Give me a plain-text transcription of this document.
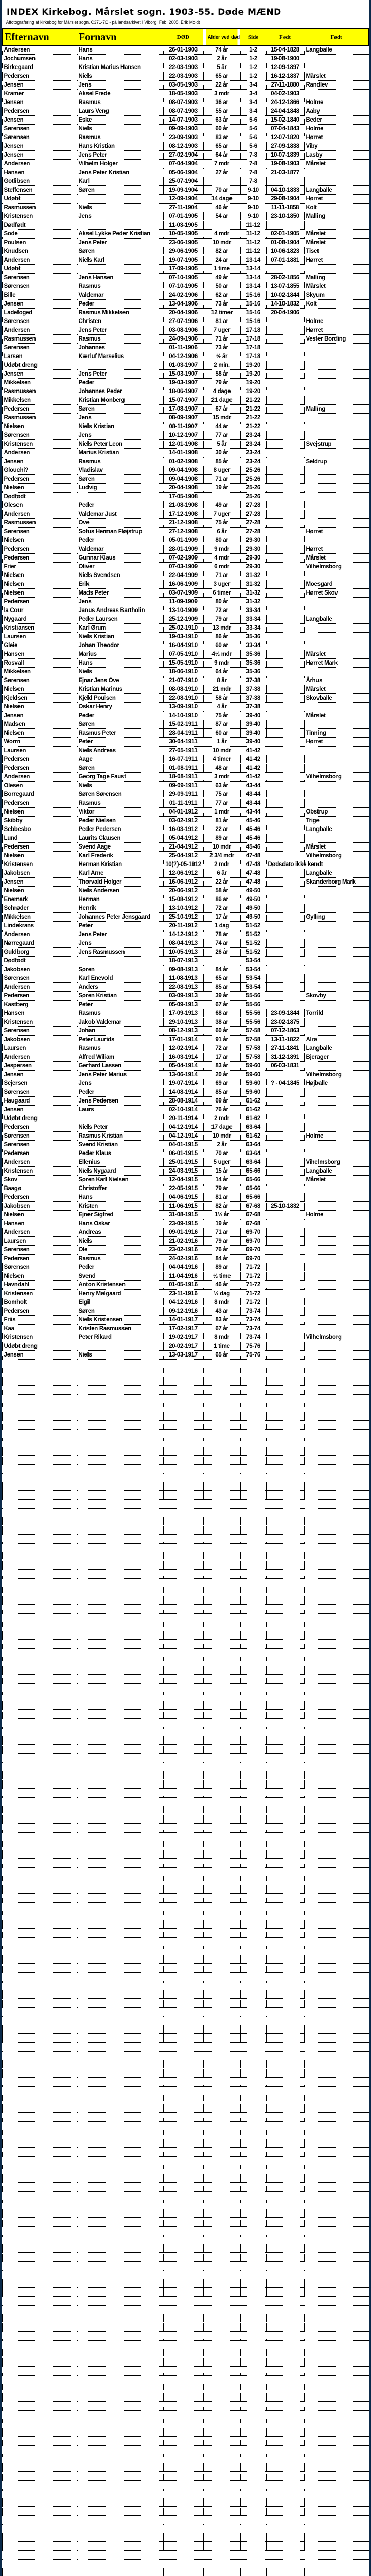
INDEX Kirkebog. Mårslet sogn. 1903-55. Døde MÆND
Affotografering af kirkebog for Mårslet sogn. C371-7C - på landsarkivet i Viborg. Feb. 2008. Erik Moldt
Efternavn	Fornavn	DØD	Alder ved død	Side	Født	Født
Andersen	Hans	26-01-1903	74 år	1-2	15-04-1828	Langballe
Jochumsen	Hans	02-03-1903	2 år	1-2	19-08-1900	
Birkegaard	Kristian Marius Hansen	22-03-1903	5 år	1-2	12-09-1897	
Pedersen	Niels	22-03-1903	65 år	1-2	16-12-1837	Mårslet
Jensen	Jens	03-05-1903	22 år	3-4	27-11-1880	Randlev
Kramer	Aksel Frede	18-05-1903	3 mdr	3-4	04-02-1903	
Jensen	Rasmus	08-07-1903	36 år	3-4	24-12-1866	Holme
Pedersen	Laurs Veng	08-07-1903	55 år	3-4	24-04-1848	Aaby
Jensen	Eske	14-07-1903	63 år	5-6	15-02-1840	Beder
Sørensen	Niels	09-09-1903	60 år	5-6	07-04-1843	Holme
Sørensen	Rasmus	23-09-1903	83 år	5-6	12-07-1820	Hørret
Jensen	Hans Kristian	08-12-1903	65 år	5-6	27-09-1838	Viby
Jensen	Jens Peter	27-02-1904	64 år	7-8	10-07-1839	Lasby
Andersen	Vilhelm Holger	07-04-1904	7 mdr	7-8	19-08-1903	Mårslet
Hansen	Jens Peter Kristian	05-06-1904	27 år	7-8	21-03-1877	
Gotlibsen	Karl	25-07-1904		7-8		
Steffensen	Søren	19-09-1904	70 år	9-10	04-10-1833	Langballe
Udøbt		12-09-1904	14 dage	9-10	29-08-1904	Hørret
Rasmussen	Niels	27-11-1904	46 år	9-10	11-11-1858	Kolt
Kristensen	Jens	07-01-1905	54 år	9-10	23-10-1850	Malling
Dødfødt		11-03-1905		11-12		
Sode	Aksel Lykke Peder Kristian	10-05-1905	4 mdr	11-12	02-01-1905	Mårslet
Poulsen	Jens Peter	23-06-1905	10 mdr	11-12	01-08-1904	Mårslet
Knudsen	Søren	29-06-1905	82 år	11-12	10-06-1823	Tiset
Andersen	Niels Karl	19-07-1905	24 år	13-14	07-01-1881	Hørret
Udøbt		17-09-1905	1 time	13-14		
Sørensen	Jens Hansen	07-10-1905	49 år	13-14	28-02-1856	Malling
Sørensen	Rasmus	07-10-1905	50 år	13-14	13-07-1855	Mårslet
Bille	Valdemar	24-02-1906	62 år	15-16	10-02-1844	Skyum
Jensen	Peder	13-04-1906	73 år	15-16	14-10-1832	Kolt
Ladefoged	Rasmus Mikkelsen	20-04-1906	12 timer	15-16	20-04-1906	
Sørensen	Christen	27-07-1906	81 år	15-16		Holme
Andersen	Jens Peter	03-08-1906	7 uger	17-18		Hørret
Rasmussen	Rasmus	24-09-1906	71 år	17-18		Vester Bording
Sørensen	Johannes	01-11-1906	73 år	17-18		
Larsen	Kærluf Marselius	04-12-1906	½ år	17-18		
Udøbt dreng		01-03-1907	2 min.	19-20		
Jensen	Jens Peter	15-03-1907	58 år	19-20		
Mikkelsen	Peder	19-03-1907	79 år	19-20		
Rasmussen	Johannes Peder	18-06-1907	4 dage	19-20		
Mikkelsen	Kristian Monberg	15-07-1907	21 dage	21-22		
Pedersen	Søren	17-08-1907	67 år	21-22		Malling
Rasmussen	Jens	08-09-1907	15 mdr	21-22		
Nielsen	Niels Kristian	08-11-1907	44 år	21-22		
Sørensen	Jens	10-12-1907	77 år	23-24		
Kristensen	Niels Peter Leon	12-01-1908	5 år	23-24		Svejstrup
Andersen	Marius Kristian	14-01-1908	30 år	23-24		
Jensen	Rasmus	01-02-1908	85 år	23-24		Seldrup
Glouchi?	Vladislav	09-04-1908	8 uger	25-26		
Pedersen	Søren	09-04-1908	71 år	25-26		
Nielsen	Ludvig	20-04-1908	19 år	25-26		
Dødfødt		17-05-1908		25-26		
Olesen	Peder	21-08-1908	49 år	27-28		
Andersen	Valdemar Just	17-12-1908	7 uger	27-28		
Rasmussen	Ove	21-12-1908	75 år	27-28		
Sørensen	Sofus Herman Fløjstrup	27-12-1908	6 år	27-28		Hørret
Nielsen	Peder	05-01-1909	80 år	29-30		
Pedersen	Valdemar	28-01-1909	9 mdr	29-30		Hørret
Pedersen	Gunnar Klaus	07-02-1909	4 mdr	29-30		Mårslet
Frier	Oliver	07-03-1909	6 mdr	29-30		Vilhelmsborg
Nielsen	Niels Svendsen	22-04-1909	71 år	31-32		
Nielsen	Erik	16-06-1909	3 uger	31-32		Moesgård
Nielsen	Mads Peter	03-07-1909	6 timer	31-32		Hørret Skov
Pedersen	Jens	11-09-1909	80 år	31-32		
la Cour	Janus Andreas Bartholin	13-10-1909	72 år	33-34		
Nygaard	Peder Laursen	25-12-1909	79 år	33-34		Langballe
Kristiansen	Karl Ørum	25-02-1910	13 mdr	33-34		
Laursen	Niels Kristian	19-03-1910	86 år	35-36		
Gleie	Johan Theodor	16-04-1910	60 år	33-34		
Hansen	Marius	07-05-1910	4½ mdr	35-36		Mårslet
Rosvall	Hans	15-05-1910	9 mdr	35-36		Hørret Mark
Mikkelsen	Niels	18-06-1910	64 år	35-36		
Sørensen	Ejnar Jens Ove	21-07-1910	8 år	37-38		Århus
Nielsen	Kristian Marinus	08-08-1910	21 mdr	37-38		Mårslet
Kjeldsen	Kjeld Poulsen	22-08-1910	58 år	37-38		Skovballe
Nielsen	Oskar Henry	13-09-1910	4 år	37-38		
Jensen	Peder	14-10-1910	75 år	39-40		Mårslet
Madsen	Søren	15-02-1911	87 år	39-40		
Nielsen	Rasmus Peter	28-04-1911	60 år	39-40		Tinning
Worm	Peter	30-04-1911	1 år	39-40		Hørret
Laursen	Niels Andreas	27-05-1911	10 mdr	41-42		
Pedersen	Aage	16-07-1911	4 timer	41-42		
Pedersen	Søren	01-08-1911	48 år	41-42		
Andersen	Georg Tage Faust	18-08-1911	3 mdr	41-42		Vilhelmsborg
Olesen	Niels	09-09-1911	63 år	43-44		
Borregaard	Søren Sørensen	29-09-1911	75 år	43-44		
Pedersen	Rasmus	01-11-1911	77 år	43-44		
Nielsen	Viktor	04-01-1912	1 mdr	43-44		Obstrup
Skibby	Peder Nielsen	03-02-1912	81 år	45-46		Trige
Sebbesbo	Peder Pedersen	16-03-1912	22 år	45-46		Langballe
Lund	Laurits Clausen	05-04-1912	89 år	45-46		
Pedersen	Svend Aage	21-04-1912	10 mdr	45-46		Mårslet
Nielsen	Karl Frederik	25-04-1912	2 3/4 mdr	47-48		Vilhelmsborg
Kristensen	Herman Kristian	10(?)-05-1912	2 mdr	47-48	Dødsdato ikke kendt	
Jakobsen	Karl Arne	12-06-1912	6 år	47-48		Langballe
Jensen	Thorvald Holger	16-06-1912	22 år	47-48		Skanderborg Mark
Nielsen	Niels Andersen	20-06-1912	58 år	49-50		
Enemark	Herman	15-08-1912	86 år	49-50		
Schrøder	Henrik	13-10-1912	72 år	49-50		
Mikkelsen	Johannes Peter Jensgaard	25-10-1912	17 år	49-50		Gylling
Lindekrans	Peter	20-11-1912	1 dag	51-52		
Andersen	Jens Peter	14-12-1912	78 år	51-52		
Nørregaard	Jens	08-04-1913	74 år	51-52		
Guldborg	Jens Rasmussen	10-05-1913	26 år	51-52		
Dødfødt		18-07-1913		53-54		
Jakobsen	Søren	09-08-1913	84 år	53-54		
Sørensen	Karl Enevold	11-08-1913	65 år	53-54		
Andersen	Anders	22-08-1913	85 år	53-54		
Pedersen	Søren Kristian	03-09-1913	39 år	55-56		Skovby
Kastberg	Peter	05-09-1913	67 år	55-56		
Hansen	Rasmus	17-09-1913	68 år	55-56	23-09-1844	Torrild
Kristensen	Jakob Valdemar	29-10-1913	38 år	55-56	23-02-1875	
Sørensen	Johan	08-12-1913	60 år	57-58	07-12-1863	
Jakobsen	Peter Laurids	17-01-1914	91 år	57-58	13-11-1822	Alrø
Laursen	Rasmus	12-02-1914	72 år	57-58	27-11-1841	Langballe
Andersen	Alfred Wiliam	16-03-1914	17 år	57-58	31-12-1891	Bjerager
Jespersen	Gerhard Lassen	05-04-1914	83 år	59-60	06-03-1831	
Jensen	Jens Peter Marius	13-06-1914	20 år	59-60		Vilhelmsborg
Sejersen	Jens	19-07-1914	69 år	59-60	? - 04-1845	Højballe
Sørensen	Peder	14-08-1914	85 år	59-60		
Haugaard	Jens Pedersen	28-08-1914	69 år	61-62		
Jensen	Laurs	02-10-1914	76 år	61-62		
Udøbt dreng		20-11-1914	2 mdr	61-62		
Pedersen	Niels Peter	04-12-1914	17 dage	63-64		
Sørensen	Rasmus Kristian	04-12-1914	10 mdr	61-62		Holme
Sørensen	Svend Kristian	04-01-1915	2 år	63-64		
Pedersen	Peder Klaus	06-01-1915	70 år	63-64		
Andersen	Ellenius	25-01-1915	5 uger	63-64		Vihelmsborg
Kristensen	Niels Nygaard	24-03-1915	15 år	65-66		Langballe
Skov	Søren Karl Nielsen	12-04-1915	14 år	65-66		Mårslet
Baagø	Christoffer	22-05-1915	79 år	65-66		
Pedersen	Hans	04-06-1915	81 år	65-66		
Jakobsen	Kristen	11-06-1915	82 år	67-68	25-10-1832	
Nielsen	Ejner Sigfred	31-08-1915	1½ år	67-68		Holme
Hansen	Hans Oskar	23-09-1915	19 år	67-68		
Andersen	Andreas	09-01-1916	71 år	69-70		
Laursen	Niels	21-02-1916	79 år	69-70		
Sørensen	Ole	23-02-1916	76 år	69-70		
Pedersen	Rasmus	24-02-1916	84 år	69-70		
Sørensen	Peder	04-04-1916	89 år	71-72		
Nielsen	Svend	11-04-1916	½ time	71-72		
Havndahl	Anton Kristensen	01-05-1916	46 år	71-72		
Kristensen	Henry Mølgaard	23-11-1916	½ dag	71-72		
Bomholt	Eigil	04-12-1916	8 mdr	71-72		
Pedersen	Søren	09-12-1916	43 år	73-74		
Friis	Niels Kristensen	14-01-1917	83 år	73-74		
Kaa	Kristen Rasmussen	17-02-1917	67 år	73-74		
Kristensen	Peter Rikard	19-02-1917	8 mdr	73-74		Vilhelmsborg
Udøbt dreng		20-02-1917	1 time	75-76		
Jensen	Niels	13-03-1917	65 år	75-76		
